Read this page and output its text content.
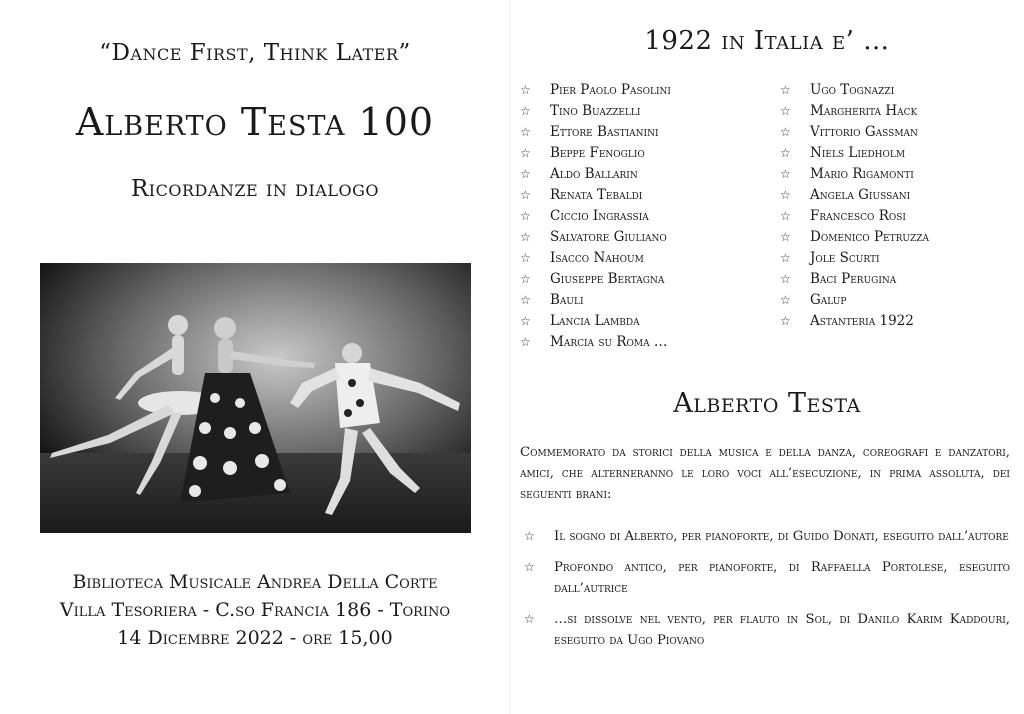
“Dance First, Think Later”
Alberto Testa 100
Ricordanze in dialogo
Biblioteca Musicale Andrea Della Corte
Villa Tesoriera - C.so Francia 186 - Torino
14 Dicembre 2022 - ore 15,00
1922 in Italia e’ …
☆ Pier Paolo Pasolini
☆ Tino Buazzelli
☆ Ettore Bastianini
☆ Beppe Fenoglio
☆ Aldo Ballarin
☆ Renata Tebaldi
☆ Ciccio Ingrassia
☆ Salvatore Giuliano
☆ Isacco Nahoum
☆ Giuseppe Bertagna
☆ Bauli
☆ Lancia Lambda
☆ Marcia su Roma …
☆ Ugo Tognazzi
☆ Margherita Hack
☆ Vittorio Gassman
☆ Niels Liedholm
☆ Mario Rigamonti
☆ Angela Giussani
☆ Francesco Rosi
☆ Domenico Petruzza
☆ Jole Scurti
☆ Baci Perugina
☆ Galup
☆ Astanteria 1922
Alberto Testa

Commemorato da storici della musica e della danza, coreografi e danzatori, amici, che alterneranno le loro voci all’esecuzione, in prima assoluta, dei seguenti brani:

☆ Il sogno di Alberto, per pianoforte, di Guido Donati, eseguito dall’autore
☆ Profondo antico, per pianoforte, di Raffaella Portolese, eseguito dall’autrice
☆ …si dissolve nel vento, per flauto in Sol, di Danilo Karim Kaddouri, eseguito da Ugo Piovano
